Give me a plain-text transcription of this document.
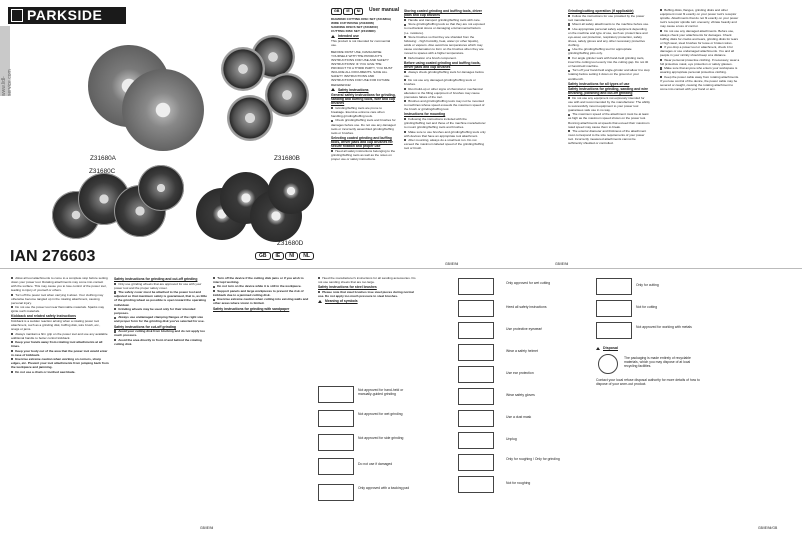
PARKSIDE
www.lidl-service.com
Z31680A	Z31680B
Z31680C
Z31680D
IAN 276603	GB	IE	NI	NL
GB	IE	NI	User manual

DIAMOND CUTTING DISC SET (Z31680A)
WIRE CUP BRUSH (Z31680B)
SANDING DISCS SET (Z31680C)
CUTTING DISC SET (Z31680D)

Intended use

This product is not intended for commercial use.

BEFORE FIRST USE, FAMILIARISE YOURSELF WITH THE PRODUCT'S INSTRUCTIONS FOR USE AND SAFETY INSTRUCTIONS! IF YOU GIVE THE PRODUCT TO A THIRD PARTY, YOU MUST INCLUDE ALL DOCUMENTS. SAVE ALL SAFETY INSTRUCTIONS AND INSTRUCTIONS FOR USE FOR FUTURE REFERENCE!

Safety instructions
General safety instructions for grinding, sanding and buffing tools, wire and cup brushes

Grinding/buffing tools are prone to breakage. Exercise extreme care when handling grinding/buffing tools.

Check grinding/buffing tools and brushes for damages before use. Do not use any damaged tools or incorrectly assembled grinding/buffing tools or brushes.

Selecting coated grinding and buffing tools, driver pads and cup brushes for secure fixation and proper use

Heed all safety instructions belonging to the grinding/buffing tools as well as the notes on proper use or safety instructions.

Storing coated grinding and buffing tools, driver pads and cup brushes

Handle and transport grinding/buffing tools with care.

Store grinding/buffing tools so that they are not exposed to mechanical stress or damaging environmental factors (i.e. moisture).

Store brushes so that they are shielded from the following: - high humidity, heat, water (or other liquids), acids or vapours. Also avoid low temperatures which may cause condensation to form on the brushes when they are moved to spaces with a higher temperature.

Deformation of a brush component.

Before using coated grinding and buffing tools, driver pads and cup brushes

Always check grinding/buffing tools for damages before use.

Do not use any damaged grinding/buffing tools or brushes.

Rust build-up or other signs of chemical or mechanical alteration to the filling equipment of brushes may cause premature failure of the tool.

Brushes and grinding/buffing tools may not be mounted to machines whose speed exceeds the maximum speed of the brush or grinding/buffing tool.

Instructions for mounting

Following the instructions included with the grinding/buffing tool and those of the machine manufacturer to mount grinding/buffing tools and brushes.

Make sure to use brushes and grinding/buffing tools only with devices that have an appropriate tool attachment.

After mounting, always do a small test run. Do not exceed the maximum labeled speed of the grinding/buffing tool or brush.

Grinding/cutting operation (if applicable)

Follow the instructions for use provided by the power tool manufacturer.

Mount all safety attachments to the machine before use.

Use appropriate personal safety equipment depending on the machine and type of use, such as: protect face and eye-wear, ear protection, respiratory protection, safety shoes, safety gloves and any other necessary protective clothing.

Use the grinding/buffing tool for appropriate grinding/buffing jobs only.

For angle grinder work with hand-held grinding tools, insert the cutting tool evenly into the cutting gap. Do not tilt or hand-held machine.

Turn off your hand-held angle-grinder and allow it to stop rotating before setting it down on the ground or your workbench.

Safety instructions for all types of use
Safety instructions for grinding, sanding and wire brushing, polishing and cut-off grinding

Do not use any equipment not expressly intended for use with and recommended by the manufacturer. The ability to successfully mount equipment to your power tool guarantees safe use in no way.

The maximum speed of the attachment must be at least as high as the maximum speed shown on the power tool. Running attachments at speeds that exceed their maximum rated speed may cause them to break.

The exterior diameter and thickness of the attachment must correspond to the size requirements of your power tool. Incorrectly measured attachments cannot be sufficiently shielded or controlled.

Buffing disks, flanges, grinding disks and other equipment must fit exactly on your power tool's receptor spindle. Attachments that do not fit exactly on your power tool's receptor spindle turn unevenly, vibrate heavily and may cause a loss of control.

Do not use any damaged attachments. Before use, always check your attachments for damages. Check buffing disks for cracks and tears, grinding disks for tears or high wear, steel brushes for loose or broken wires.

If you drop a power tool or attachment, check it for damages or use undamaged attachments. You and all people in your vicinity should keep at a distance.

Wear personal protective clothing. If necessary, wear a full protective mask, eye protection or safety glasses.

Make sure that anyone who enters your workspace is wearing appropriate personal protective clothing.

Keep the power cable away from rotating attachments. If you lose control of the device, the power cable may be severed or caught, causing the rotating attachment to come into contact with your hand or arm.

GB/IE/NI	GB/IE/NI

Allow all tool attachments to come to a complete stop before setting down your power tool. Rotating attachments may come into contact with the surface. This may cause you to lose control of the power tool, leading to injury of yourself or others.

Turn off the power tool when carrying it about. Your clothing may otherwise become tangled up in the rotating attachment, causing personal injury.

Do not use the power tool near flammable materials. Sparks may ignite such materials.

Kickback and related safety instructions

Kickback is a sudden reaction arising when a rotating power tool attachment, such as a grinding disk, buffing disk, wire brush, etc., snags or jams.

Always maintain a firm grip on the power tool and use any available additional handle to better control kickback.

Keep your hands away from rotating tool attachments at all times.

Keep your body out of the area that the power tool would enter in case of kickback.

Exercise extreme caution when working on corners, sharp edges, etc. Prevent your tool attachments from jumping back from the workpiece and jamming.

Do not use a chain or toothed saw blade.

Safety instructions for grinding and cut-off grinding

Only use grinding wheels that are approved for use with your power tool and the proper safety cover.

The safety cover must be attached to the power tool and adjusted so that maximum safety is guaranteed, that is, as little of the grinding wheel as possible is open toward the operating individual.

Grinding wheels may be used only for their intended purposes.

Always use undamaged clamping flanges of the right size and proper form for the grinding disk you've selected for use.

Safety instructions for cut-off grinding

Avoid your cutting disk from blocking and do not apply too much pressure.

Avoid the area directly in front of and behind the rotating cutting disk.

Turn off the device if the cutting disk jams or if you wish to interrupt working.

Do not turn on the device while it is still in the workpiece.

Support panels and large workpieces to prevent the risk of kickback due to a jammed cutting disk.

Exercise extreme caution when cutting into existing walls and other areas where vision is limited.

Safety instructions for grinding with sandpaper

Heed the manufacturer's instructions for all sanding accessories. Do not use sanding sheets that are too large.

Safety instructions for steel brushes

Please note that steel brushes lose steel pieces during normal use. Do not apply too much pressure to steel brushes.

Meaning of symbols
Not approved for hand-held or manually-guided grinding
Not approved for wet grinding
Not approved for side grinding
Do not use if damaged
Only approved with a backing pad
Only approved for wet cutting
Heed all safety instructions
Use protective eyewear!
Wear a safety helmet
Use ear protection
Wear safety gloves
Use a dust mask
Unplug
Only for roughing / Only for grinding
Not for roughing
Only for cutting
Not for cutting
Not approved for working with metals
Disposal
The packaging is made entirely of recyclable materials, which you may dispose of at local recycling facilities.
Contact your local refuse disposal authority for more details of how to dispose of your worn-out product.
GB/IE/NI	GB/IE/NI/GB
